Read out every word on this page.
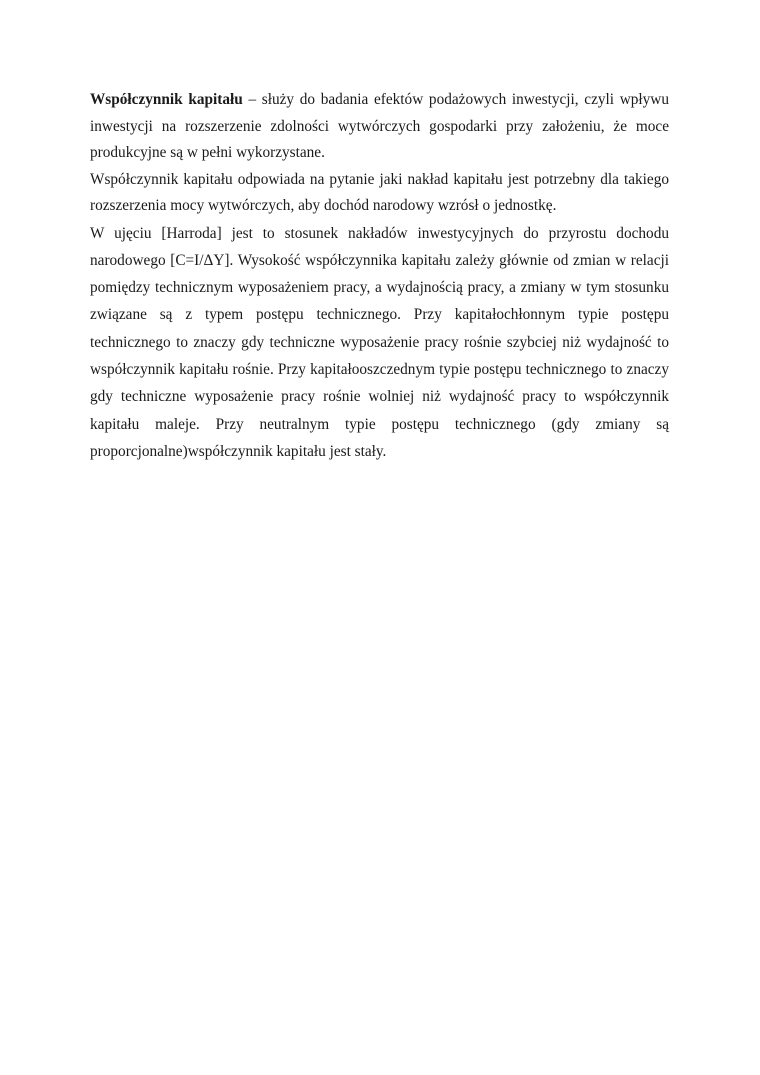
Współczynnik kapitału – służy do badania efektów podażowych inwestycji, czyli wpływu inwestycji na rozszerzenie zdolności wytwórczych gospodarki przy założeniu, że moce produkcyjne są w pełni wykorzystane.

Współczynnik kapitału odpowiada na pytanie jaki nakład kapitału jest potrzebny dla takiego rozszerzenia mocy wytwórczych, aby dochód narodowy wzrósł o jednostkę.

W ujęciu [Harroda] jest to stosunek nakładów inwestycyjnych do przyrostu dochodu narodowego [C=I/ΔY]. Wysokość współczynnika kapitału zależy głównie od zmian w relacji pomiędzy technicznym wyposażeniem pracy, a wydajnością pracy, a zmiany w tym stosunku związane są z typem postępu technicznego. Przy kapitałochłonnym typie postępu technicznego to znaczy gdy techniczne wyposażenie pracy rośnie szybciej niż wydajność to współczynnik kapitału rośnie. Przy kapitałooszczednym typie postępu technicznego to znaczy gdy techniczne wyposażenie pracy rośnie wolniej niż wydajność pracy to współczynnik kapitału maleje. Przy neutralnym typie postępu technicznego (gdy zmiany są proporcjonalne)współczynnik kapitału jest stały.
